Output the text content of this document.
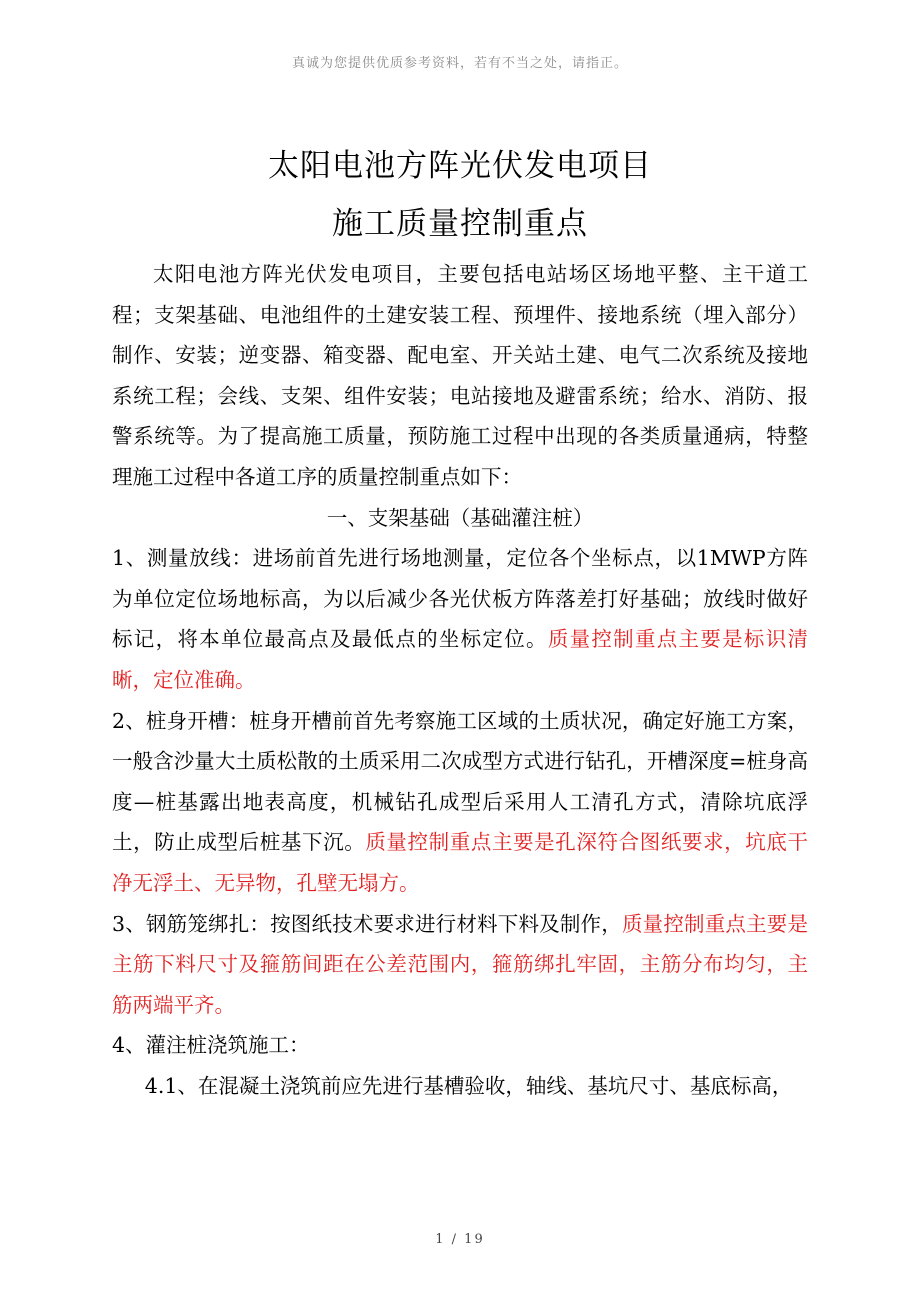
真诚为您提供优质参考资料，若有不当之处，请指正。
太阳电池方阵光伏发电项目
施工质量控制重点

太阳电池方阵光伏发电项目，主要包括电站场区场地平整、主干道工程；支架基础、电池组件的土建安装工程、预埋件、接地系统（埋入部分）制作、安装；逆变器、箱变器、配电室、开关站土建、电气二次系统及接地系统工程；会线、支架、组件安装；电站接地及避雷系统；给水、消防、报警系统等。为了提高施工质量，预防施工过程中出现的各类质量通病，特整理施工过程中各道工序的质量控制重点如下：

一、支架基础（基础灌注桩）

1、测量放线：进场前首先进行场地测量，定位各个坐标点，以1MWP方阵为单位定位场地标高，为以后减少各光伏板方阵落差打好基础；放线时做好标记，将本单位最高点及最低点的坐标定位。质量控制重点主要是标识清晰，定位准确。

2、桩身开槽：桩身开槽前首先考察施工区域的土质状况，确定好施工方案，一般含沙量大土质松散的土质采用二次成型方式进行钻孔，开槽深度=桩身高度—桩基露出地表高度，机械钻孔成型后采用人工清孔方式，清除坑底浮土，防止成型后桩基下沉。质量控制重点主要是孔深符合图纸要求，坑底干净无浮土、无异物，孔壁无塌方。

3、钢筋笼绑扎：按图纸技术要求进行材料下料及制作，质量控制重点主要是主筋下料尺寸及箍筋间距在公差范围内，箍筋绑扎牢固，主筋分布均匀，主筋两端平齐。

4、灌注桩浇筑施工：

4.1、在混凝土浇筑前应先进行基槽验收，轴线、基坑尺寸、基底标高，

1 / 19
